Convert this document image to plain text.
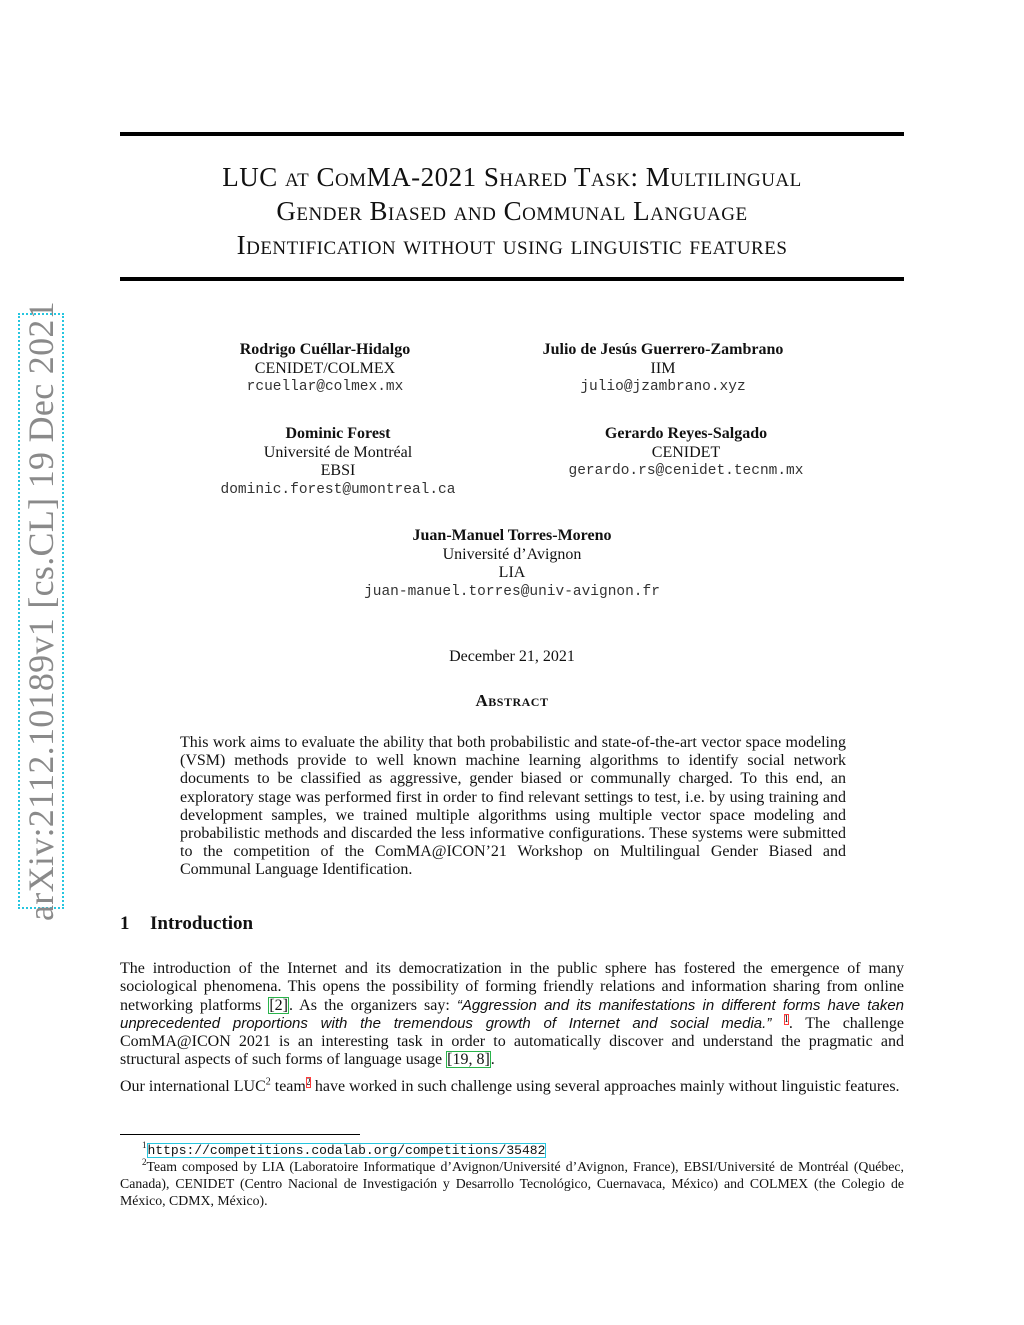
arXiv:2112.10189v1 [cs.CL] 19 Dec 2021
LUC at ComMA-2021 Shared Task: Multilingual
Gender Biased and Communal Language
Identification without using linguistic features
Rodrigo Cuéllar-Hidalgo
CENIDET/COLMEX
rcuellar@colmex.mx
Julio de Jesús Guerrero-Zambrano
IIM
julio@jzambrano.xyz
Dominic Forest
Université de Montréal
EBSI
dominic.forest@umontreal.ca
Gerardo Reyes-Salgado
CENIDET
gerardo.rs@cenidet.tecnm.mx
Juan-Manuel Torres-Moreno
Université d’Avignon
LIA
juan-manuel.torres@univ-avignon.fr
December 21, 2021
Abstract
This work aims to evaluate the ability that both probabilistic and state-of-the-art vector space modeling (VSM) methods provide to well known machine learning algorithms to identify social network documents to be classified as aggressive, gender biased or communally charged. To this end, an exploratory stage was performed first in order to find relevant settings to test, i.e. by using training and development samples, we trained multiple algorithms using multiple vector space modeling and probabilistic methods and discarded the less informative configurations. These systems were submitted to the competition of the ComMA@ICON’21 Workshop on Multilingual Gender Biased and Communal Language Identification.
1 Introduction
The introduction of the Internet and its democratization in the public sphere has fostered the emergence of many sociological phenomena. This opens the possibility of forming friendly relations and information sharing from online networking platforms [2]. As the organizers say: “Aggression and its manifestations in different forms have taken unprecedented proportions with the tremendous growth of Internet and social media.” $^1$. The challenge ComMA@ICON 2021 is an interesting task in order to automatically discover and understand the pragmatic and structural aspects of such forms of language usage [19, 8].
Our international LUC$^2$ team$^2$ have worked in such challenge using several approaches mainly without linguistic features.
$^1$https://competitions.codalab.org/competitions/35482
$^2$Team composed by LIA (Laboratoire Informatique d’Avignon/Université d’Avignon, France), EBSI/Université de Montréal (Québec, Canada), CENIDET (Centro Nacional de Investigación y Desarrollo Tecnológico, Cuernavaca, México) and COLMEX (the Colegio de México, CDMX, México).
